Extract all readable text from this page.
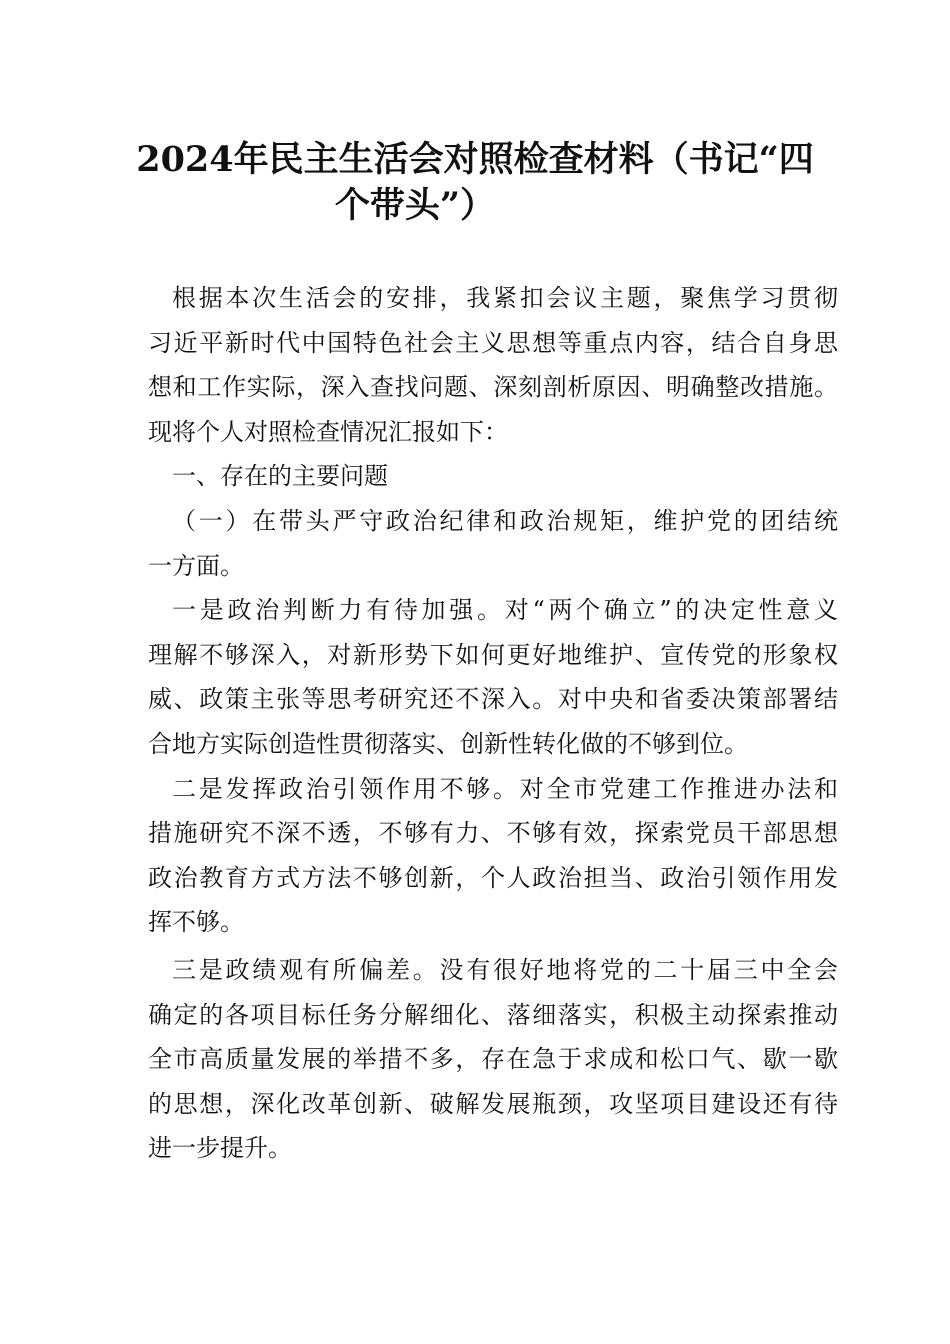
2024年民主生活会对照检查材料（书记“四
个带头”）
根据本次生活会的安排，我紧扣会议主题，聚焦学习贯彻
习近平新时代中国特色社会主义思想等重点内容，结合自身思
想和工作实际，深入查找问题、深刻剖析原因、明确整改措施。
现将个人对照检查情况汇报如下：
一、存在的主要问题
（一）在带头严守政治纪律和政治规矩，维护党的团结统
一方面。
一是政治判断力有待加强。对“两个确立”的决定性意义
理解不够深入，对新形势下如何更好地维护、宣传党的形象权
威、政策主张等思考研究还不深入。对中央和省委决策部署结
合地方实际创造性贯彻落实、创新性转化做的不够到位。
二是发挥政治引领作用不够。对全市党建工作推进办法和
措施研究不深不透，不够有力、不够有效，探索党员干部思想
政治教育方式方法不够创新，个人政治担当、政治引领作用发
挥不够。
三是政绩观有所偏差。没有很好地将党的二十届三中全会
确定的各项目标任务分解细化、落细落实，积极主动探索推动
全市高质量发展的举措不多，存在急于求成和松口气、歇一歇
的思想，深化改革创新、破解发展瓶颈，攻坚项目建设还有待
进一步提升。
